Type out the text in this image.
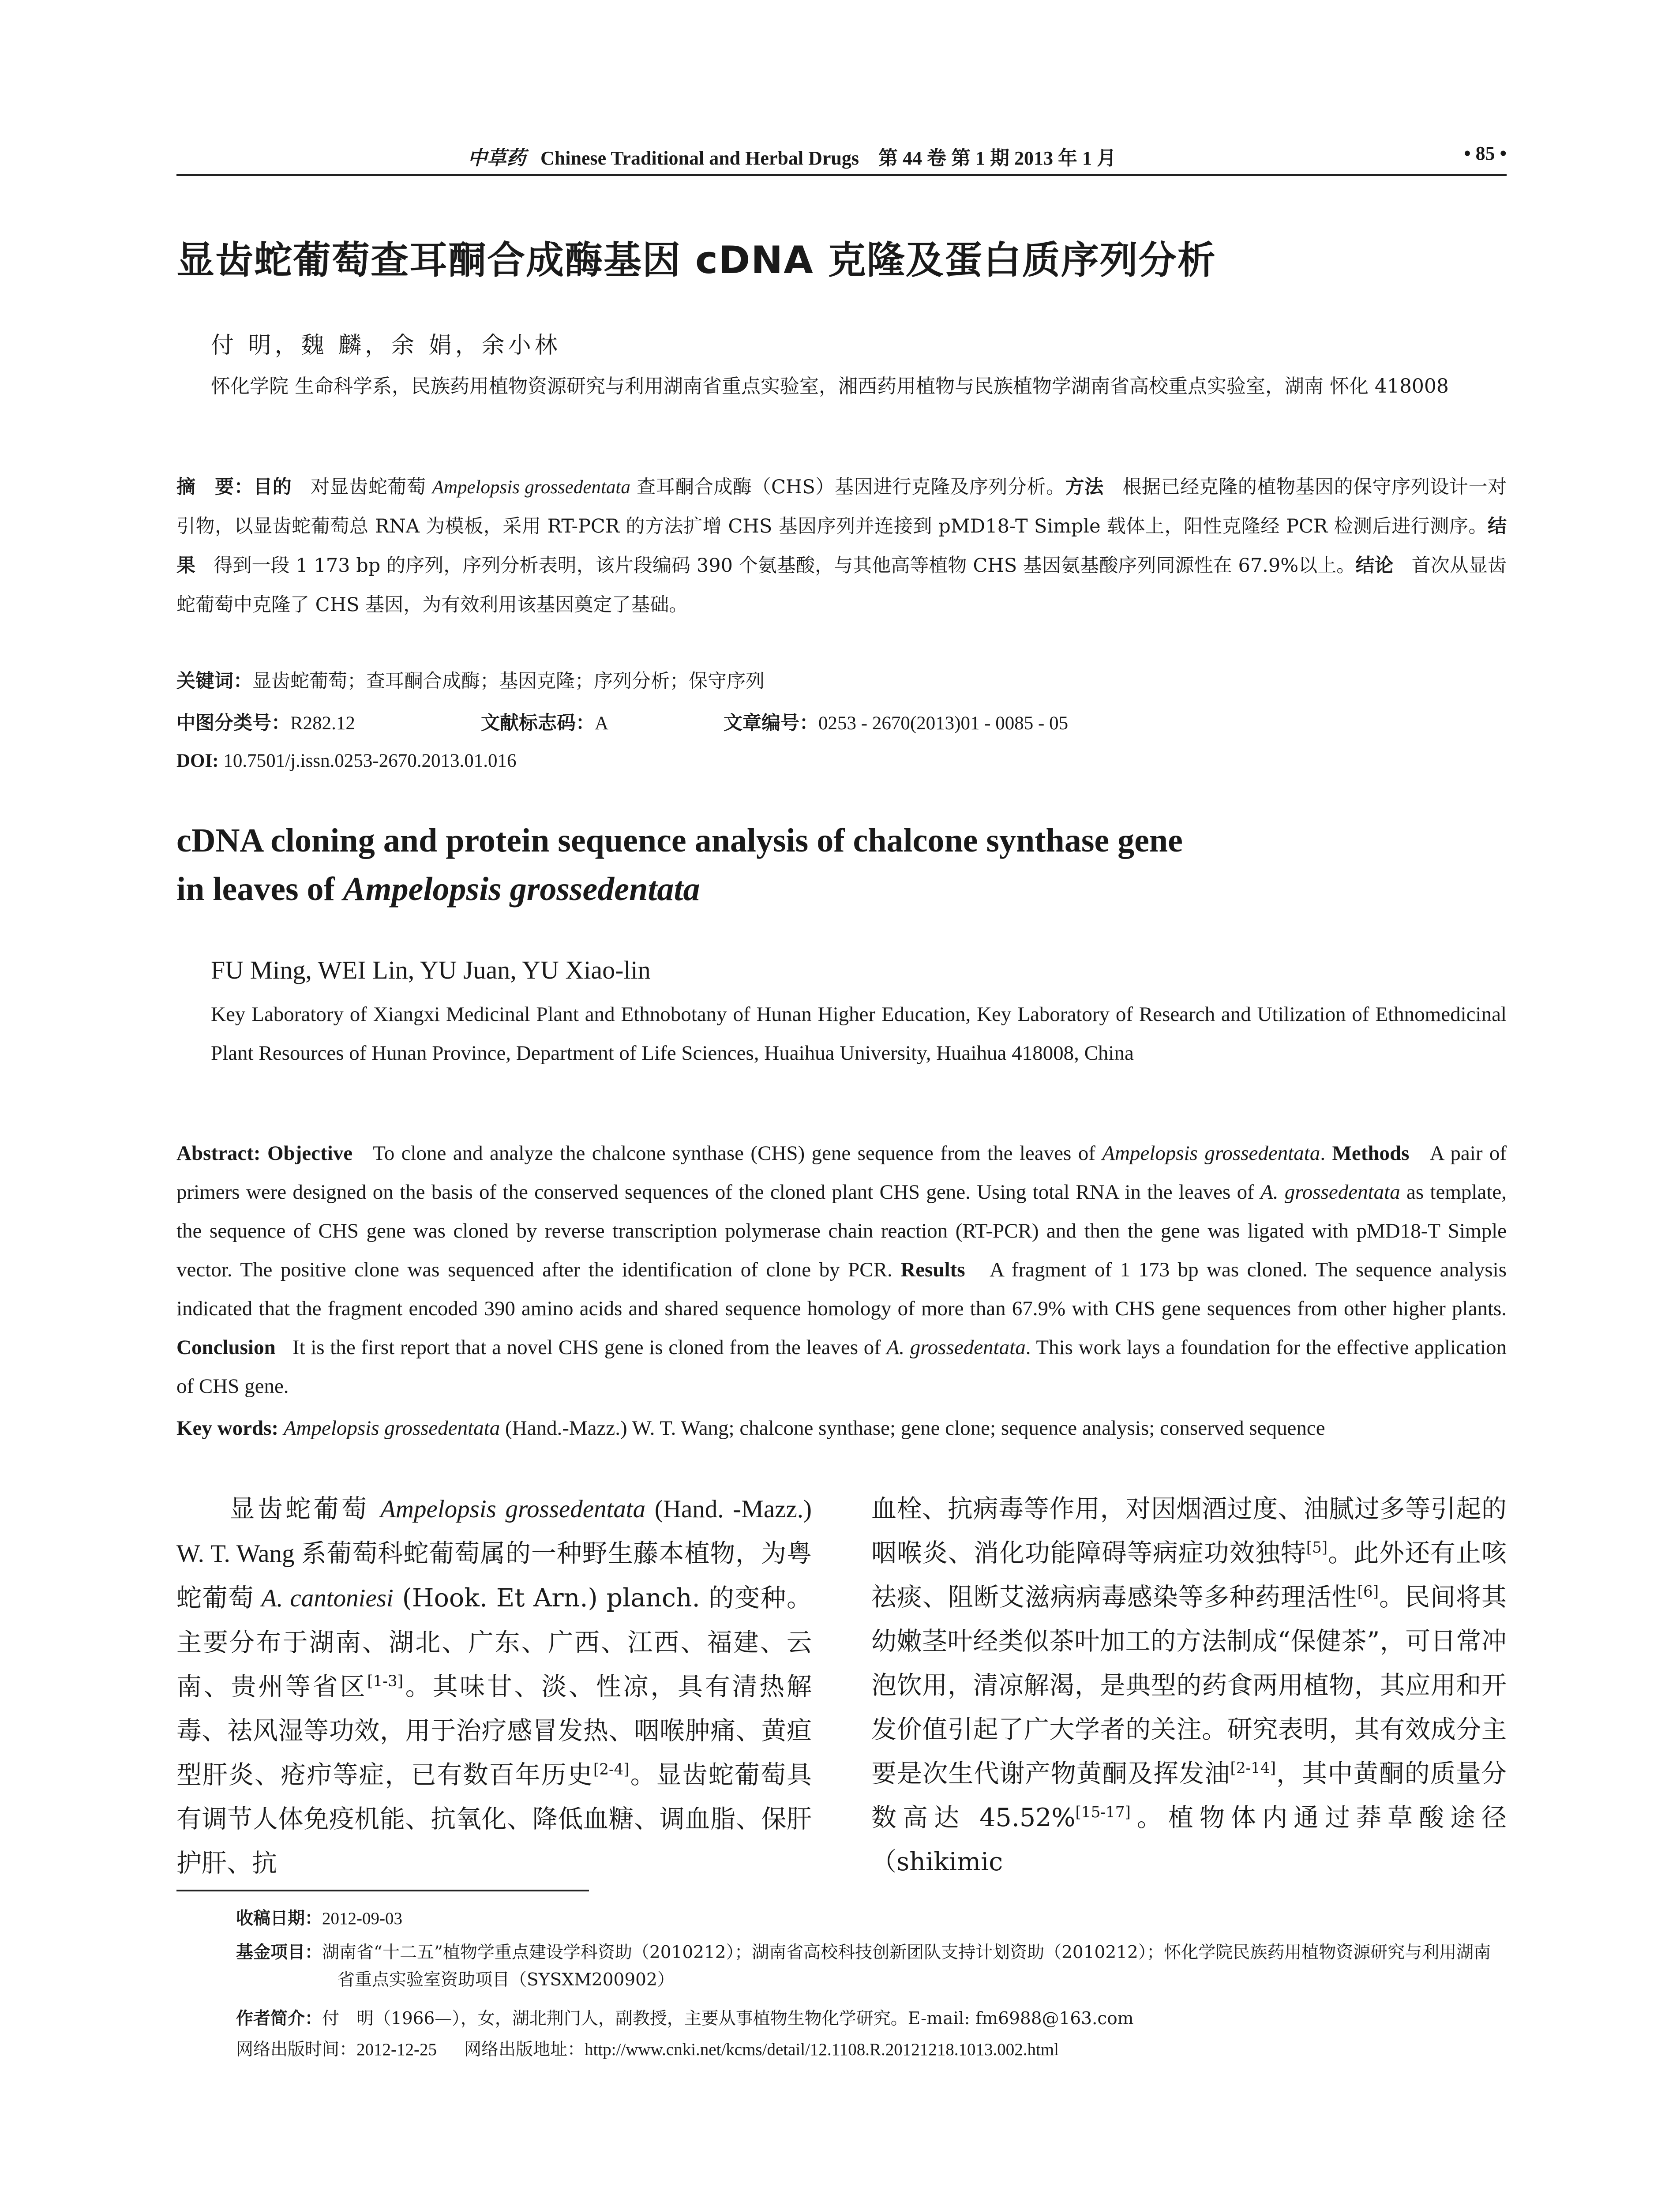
中草药 Chinese Traditional and Herbal Drugs 第 44 卷 第 1 期 2013 年 1 月	• 85 •
显齿蛇葡萄查耳酮合成酶基因 cDNA 克隆及蛋白质序列分析
付 明，魏 麟，余 娟，余小林
怀化学院 生命科学系，民族药用植物资源研究与利用湖南省重点实验室，湘西药用植物与民族植物学湖南省高校重点实验室，湖南 怀化 418008
摘　要：目的 对显齿蛇葡萄 Ampelopsis grossedentata 查耳酮合成酶（CHS）基因进行克隆及序列分析。方法 根据已经克隆的植物基因的保守序列设计一对引物，以显齿蛇葡萄总 RNA 为模板，采用 RT-PCR 的方法扩增 CHS 基因序列并连接到 pMD18-T Simple 载体上，阳性克隆经 PCR 检测后进行测序。结果 得到一段 1 173 bp 的序列，序列分析表明，该片段编码 390 个氨基酸，与其他高等植物 CHS 基因氨基酸序列同源性在 67.9%以上。结论 首次从显齿蛇葡萄中克隆了 CHS 基因，为有效利用该基因奠定了基础。
关键词：显齿蛇葡萄；查耳酮合成酶；基因克隆；序列分析；保守序列
中图分类号：R282.12	文献标志码：A	文章编号：0253 - 2670(2013)01 - 0085 - 05
DOI: 10.7501/j.issn.0253-2670.2013.01.016
cDNA cloning and protein sequence analysis of chalcone synthase gene
in leaves of Ampelopsis grossedentata
FU Ming, WEI Lin, YU Juan, YU Xiao-lin
Key Laboratory of Xiangxi Medicinal Plant and Ethnobotany of Hunan Higher Education, Key Laboratory of Research and Utilization of Ethnomedicinal Plant Resources of Hunan Province, Department of Life Sciences, Huaihua University, Huaihua 418008, China
Abstract: Objective To clone and analyze the chalcone synthase (CHS) gene sequence from the leaves of Ampelopsis grossedentata. Methods A pair of primers were designed on the basis of the conserved sequences of the cloned plant CHS gene. Using total RNA in the leaves of A. grossedentata as template, the sequence of CHS gene was cloned by reverse transcription polymerase chain reaction (RT-PCR) and then the gene was ligated with pMD18-T Simple vector. The positive clone was sequenced after the identification of clone by PCR. Results A fragment of 1 173 bp was cloned. The sequence analysis indicated that the fragment encoded 390 amino acids and shared sequence homology of more than 67.9% with CHS gene sequences from other higher plants. Conclusion It is the first report that a novel CHS gene is cloned from the leaves of A. grossedentata. This work lays a foundation for the effective application of CHS gene.
Key words: Ampelopsis grossedentata (Hand.-Mazz.) W. T. Wang; chalcone synthase; gene clone; sequence analysis; conserved sequence
显齿蛇葡萄 Ampelopsis grossedentata (Hand. -Mazz.) W. T. Wang 系葡萄科蛇葡萄属的一种野生藤本植物，为粤蛇葡萄 A. cantoniesi (Hook. Et Arn.) planch. 的变种。主要分布于湖南、湖北、广东、广西、江西、福建、云南、贵州等省区[1-3]。其味甘、淡、性凉，具有清热解毒、祛风湿等功效，用于治疗感冒发热、咽喉肿痛、黄疸型肝炎、疮疖等症，已有数百年历史[2-4]。显齿蛇葡萄具有调节人体免疫机能、抗氧化、降低血糖、调血脂、保肝护肝、抗
血栓、抗病毒等作用，对因烟酒过度、油腻过多等引起的咽喉炎、消化功能障碍等病症功效独特[5]。此外还有止咳祛痰、阻断艾滋病病毒感染等多种药理活性[6]。民间将其幼嫩茎叶经类似茶叶加工的方法制成“保健茶”，可日常冲泡饮用，清凉解渴，是典型的药食两用植物，其应用和开发价值引起了广大学者的关注。研究表明，其有效成分主要是次生代谢产物黄酮及挥发油[2-14]，其中黄酮的质量分数高达 45.52%[15-17]。植物体内通过莽草酸途径（shikimic
收稿日期：2012-09-03
基金项目：湖南省“十二五”植物学重点建设学科资助（2010212）；湖南省高校科技创新团队支持计划资助（2010212）；怀化学院民族药用植物资源研究与利用湖南省重点实验室资助项目（SYSXM200902）
作者简介：付　明（1966—），女，湖北荆门人，副教授，主要从事植物生物化学研究。E-mail: fm6988@163.com
网络出版时间：2012-12-25 网络出版地址：http://www.cnki.net/kcms/detail/12.1108.R.20121218.1013.002.html
